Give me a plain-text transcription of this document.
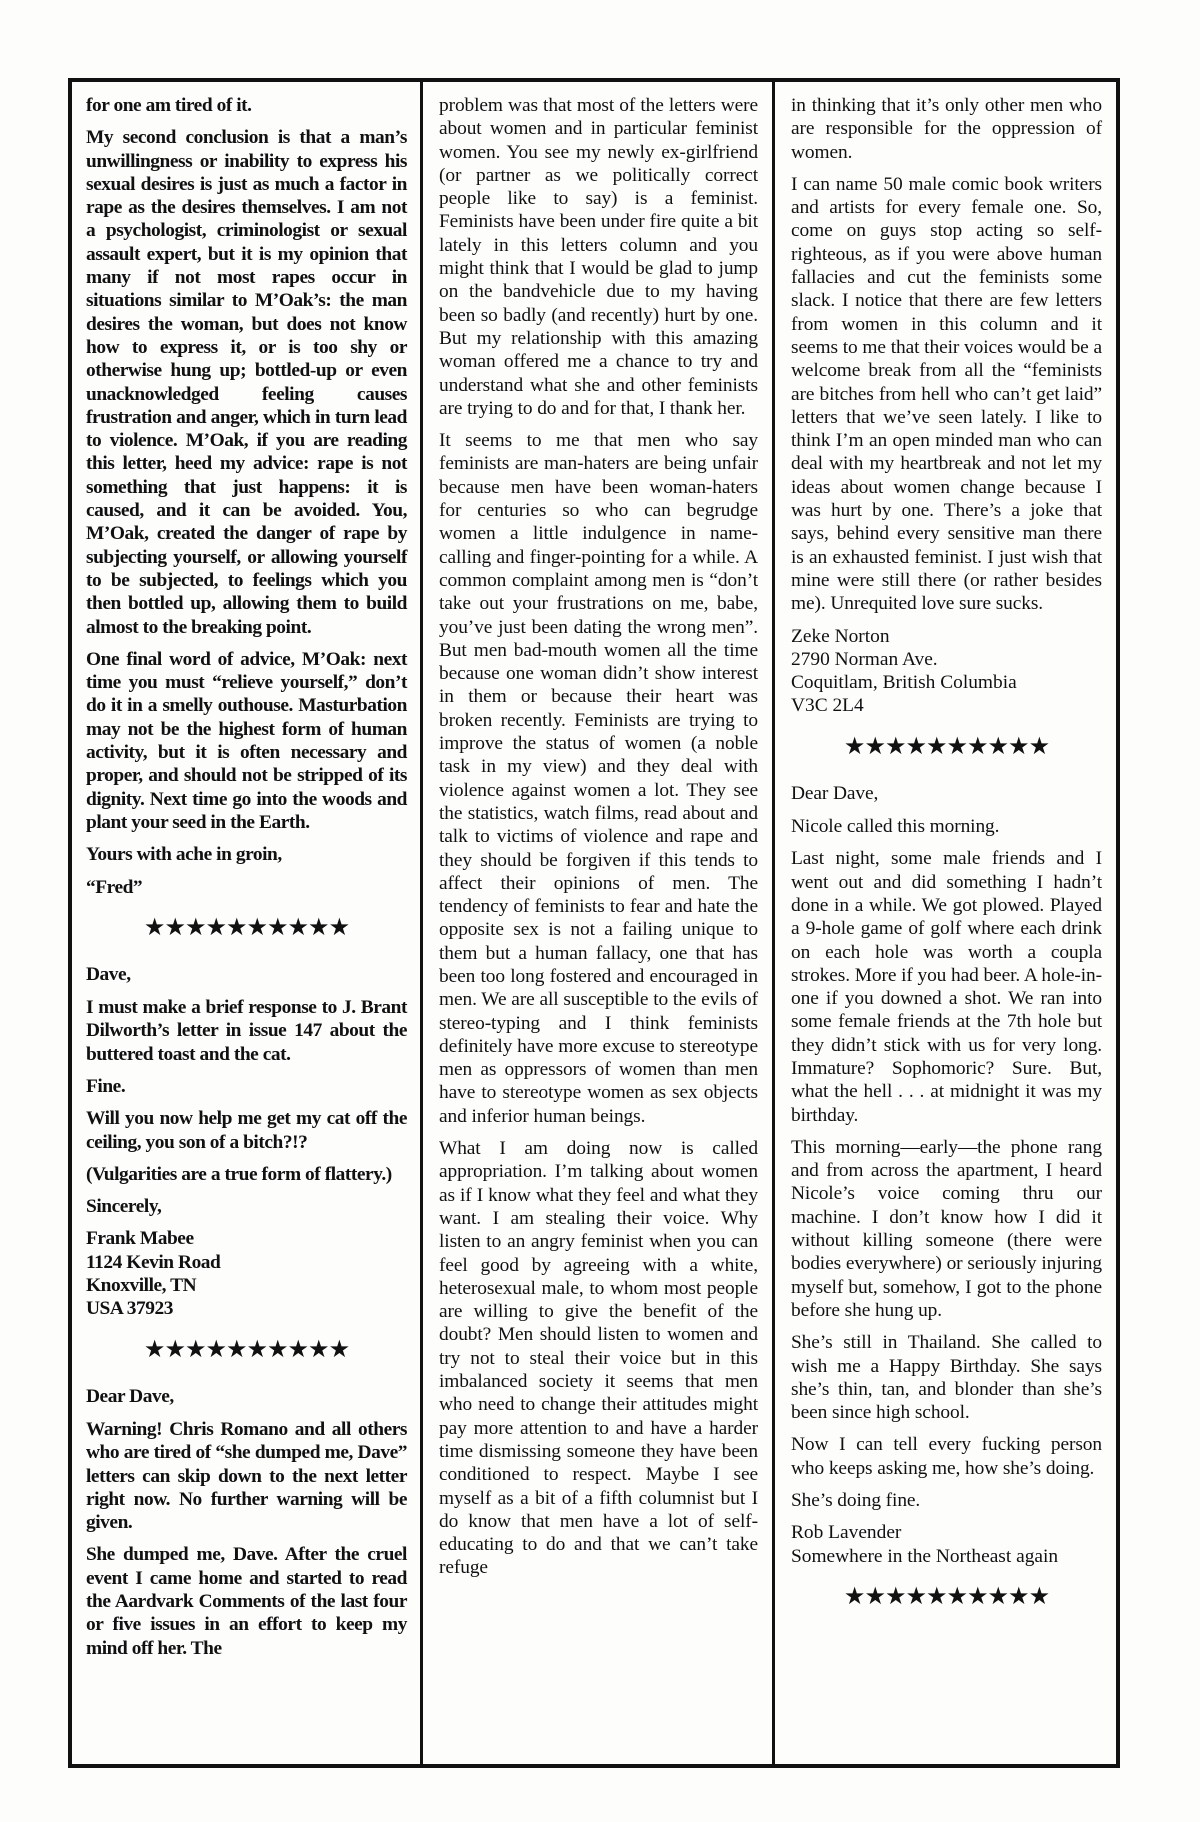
for one am tired of it.

My second conclusion is that a man’s unwillingness or inability to express his sexual desires is just as much a factor in rape as the desires themselves. I am not a psychologist, criminologist or sexual assault expert, but it is my opinion that many if not most rapes occur in situations similar to M’Oak’s: the man desires the woman, but does not know how to express it, or is too shy or otherwise hung up; bottled-up or even unacknowledged feeling causes frustration and anger, which in turn lead to violence. M’Oak, if you are reading this letter, heed my advice: rape is not something that just happens: it is caused, and it can be avoided. You, M’Oak, created the danger of rape by subjecting yourself, or allowing yourself to be subjected, to feelings which you then bottled up, allowing them to build almost to the breaking point.

One final word of advice, M’Oak: next time you must “relieve yourself,” don’t do it in a smelly outhouse. Masturbation may not be the highest form of human activity, but it is often necessary and proper, and should not be stripped of its dignity. Next time go into the woods and plant your seed in the Earth.

Yours with ache in groin,

“Fred”
★★★★★★★★★★

Dave,

I must make a brief response to J. Brant Dilworth’s letter in issue 147 about the buttered toast and the cat.

Fine.

Will you now help me get my cat off the ceiling, you son of a bitch?!?

(Vulgarities are a true form of flattery.)

Sincerely,

Frank Mabee
1124 Kevin Road
Knoxville, TN
USA 37923
★★★★★★★★★★

Dear Dave,

Warning! Chris Romano and all others who are tired of “she dumped me, Dave” letters can skip down to the next letter right now. No further warning will be given.

She dumped me, Dave. After the cruel event I came home and started to read the Aardvark Comments of the last four or five issues in an effort to keep my mind off her. The

problem was that most of the letters were about women and in particular feminist women. You see my newly ex-girlfriend (or partner as we politically correct people like to say) is a feminist. Feminists have been under fire quite a bit lately in this letters column and you might think that I would be glad to jump on the bandvehicle due to my having been so badly (and recently) hurt by one. But my relationship with this amazing woman offered me a chance to try and understand what she and other feminists are trying to do and for that, I thank her.

It seems to me that men who say feminists are man-haters are being unfair because men have been woman-haters for centuries so who can begrudge women a little indulgence in name-calling and finger-pointing for a while. A common complaint among men is “don’t take out your frustrations on me, babe, you’ve just been dating the wrong men”. But men bad-mouth women all the time because one woman didn’t show interest in them or because their heart was broken recently. Feminists are trying to improve the status of women (a noble task in my view) and they deal with violence against women a lot. They see the statistics, watch films, read about and talk to victims of violence and rape and they should be forgiven if this tends to affect their opinions of men. The tendency of feminists to fear and hate the opposite sex is not a failing unique to them but a human fallacy, one that has been too long fostered and encouraged in men. We are all susceptible to the evils of stereo-typing and I think feminists definitely have more excuse to stereotype men as oppressors of women than men have to stereotype women as sex objects and inferior human beings.

What I am doing now is called appropriation. I’m talking about women as if I know what they feel and what they want. I am stealing their voice. Why listen to an angry feminist when you can feel good by agreeing with a white, heterosexual male, to whom most people are willing to give the benefit of the doubt? Men should listen to women and try not to steal their voice but in this imbalanced society it seems that men who need to change their attitudes might pay more attention to and have a harder time dismissing someone they have been conditioned to respect. Maybe I see myself as a bit of a fifth columnist but I do know that men have a lot of self-educating to do and that we can’t take refuge

in thinking that it’s only other men who are responsible for the oppression of women.

I can name 50 male comic book writers and artists for every female one. So, come on guys stop acting so self-righteous, as if you were above human fallacies and cut the feminists some slack. I notice that there are few letters from women in this column and it seems to me that their voices would be a welcome break from all the “feminists are bitches from hell who can’t get laid” letters that we’ve seen lately. I like to think I’m an open minded man who can deal with my heartbreak and not let my ideas about women change because I was hurt by one. There’s a joke that says, behind every sensitive man there is an exhausted feminist. I just wish that mine were still there (or rather besides me). Unrequited love sure sucks.

Zeke Norton
2790 Norman Ave.
Coquitlam, British Columbia
V3C 2L4
★★★★★★★★★★

Dear Dave,

Nicole called this morning.

Last night, some male friends and I went out and did something I hadn’t done in a while. We got plowed. Played a 9-hole game of golf where each drink on each hole was worth a coupla strokes. More if you had beer. A hole-in-one if you downed a shot. We ran into some female friends at the 7th hole but they didn’t stick with us for very long. Immature? Sophomoric? Sure. But, what the hell . . . at midnight it was my birthday.

This morning—early—the phone rang and from across the apartment, I heard Nicole’s voice coming thru our machine. I don’t know how I did it without killing someone (there were bodies everywhere) or seriously injuring myself but, somehow, I got to the phone before she hung up.

She’s still in Thailand. She called to wish me a Happy Birthday. She says she’s thin, tan, and blonder than she’s been since high school.

Now I can tell every fucking person who keeps asking me, how she’s doing.

She’s doing fine.

Rob Lavender
Somewhere in the Northeast again
★★★★★★★★★★
